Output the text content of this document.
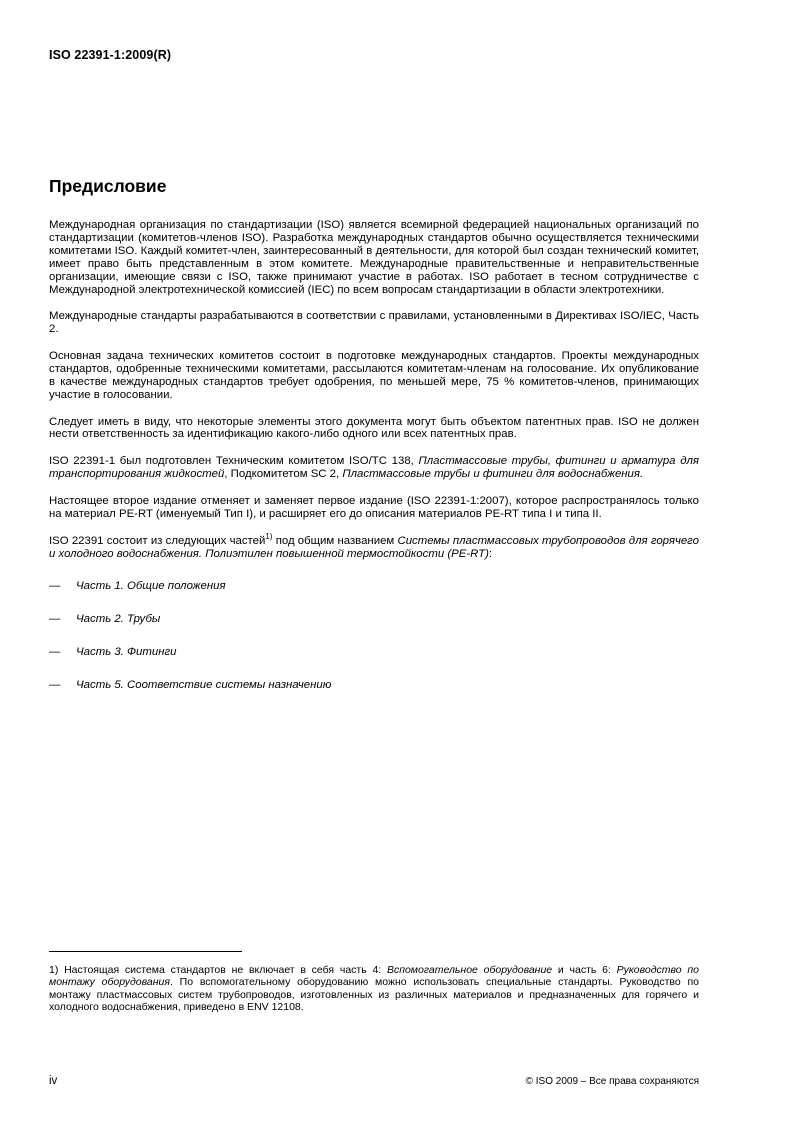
ISO 22391-1:2009(R)
Предисловие

Международная организация по стандартизации (ISO) является всемирной федерацией национальных организаций по стандартизации (комитетов-членов ISO). Разработка международных стандартов обычно осуществляется техническими комитетами ISO. Каждый комитет-член, заинтересованный в деятельности, для которой был создан технический комитет, имеет право быть представленным в этом комитете. Международные правительственные и неправительственные организации, имеющие связи с ISO, также принимают участие в работах. ISO работает в тесном сотрудничестве с Международной электротехнической комиссией (IEC) по всем вопросам стандартизации в области электротехники.

Международные стандарты разрабатываются в соответствии с правилами, установленными в Директивах ISO/IEC, Часть 2.

Основная задача технических комитетов состоит в подготовке международных стандартов. Проекты международных стандартов, одобренные техническими комитетами, рассылаются комитетам-членам на голосование. Их опубликование в качестве международных стандартов требует одобрения, по меньшей мере, 75 % комитетов-членов, принимающих участие в голосовании.

Следует иметь в виду, что некоторые элементы этого документа могут быть объектом патентных прав. ISO не должен нести ответственность за идентификацию какого-либо одного или всех патентных прав.

ISO 22391-1 был подготовлен Техническим комитетом ISO/TC 138, Пластмассовые трубы, фитинги и арматура для транспортирования жидкостей, Подкомитетом SC 2, Пластмассовые трубы и фитинги для водоснабжения.

Настоящее второе издание отменяет и заменяет первое издание (ISO 22391-1:2007), которое распространялось только на материал PE-RT (именуемый Тип I), и расширяет его до описания материалов PE-RT типа I и типа II.

ISO 22391 состоит из следующих частей$^{1)}$ под общим названием Системы пластмассовых трубопроводов для горячего и холодного водоснабжения. Полиэтилен повышенной термостойкости (PE-RT):

— Часть 1. Общие положения
— Часть 2. Трубы
— Часть 3. Фитинги
— Часть 5. Соответствие системы назначению
1) Настоящая система стандартов не включает в себя часть 4: Вспомогательное оборудование и часть 6: Руководство по монтажу оборудования. По вспомогательному оборудованию можно использовать специальные стандарты. Руководство по монтажу пластмассовых систем трубопроводов, изготовленных из различных материалов и предназначенных для горячего и холодного водоснабжения, приведено в ENV 12108.
iv	© ISO 2009 – Все права сохраняются
